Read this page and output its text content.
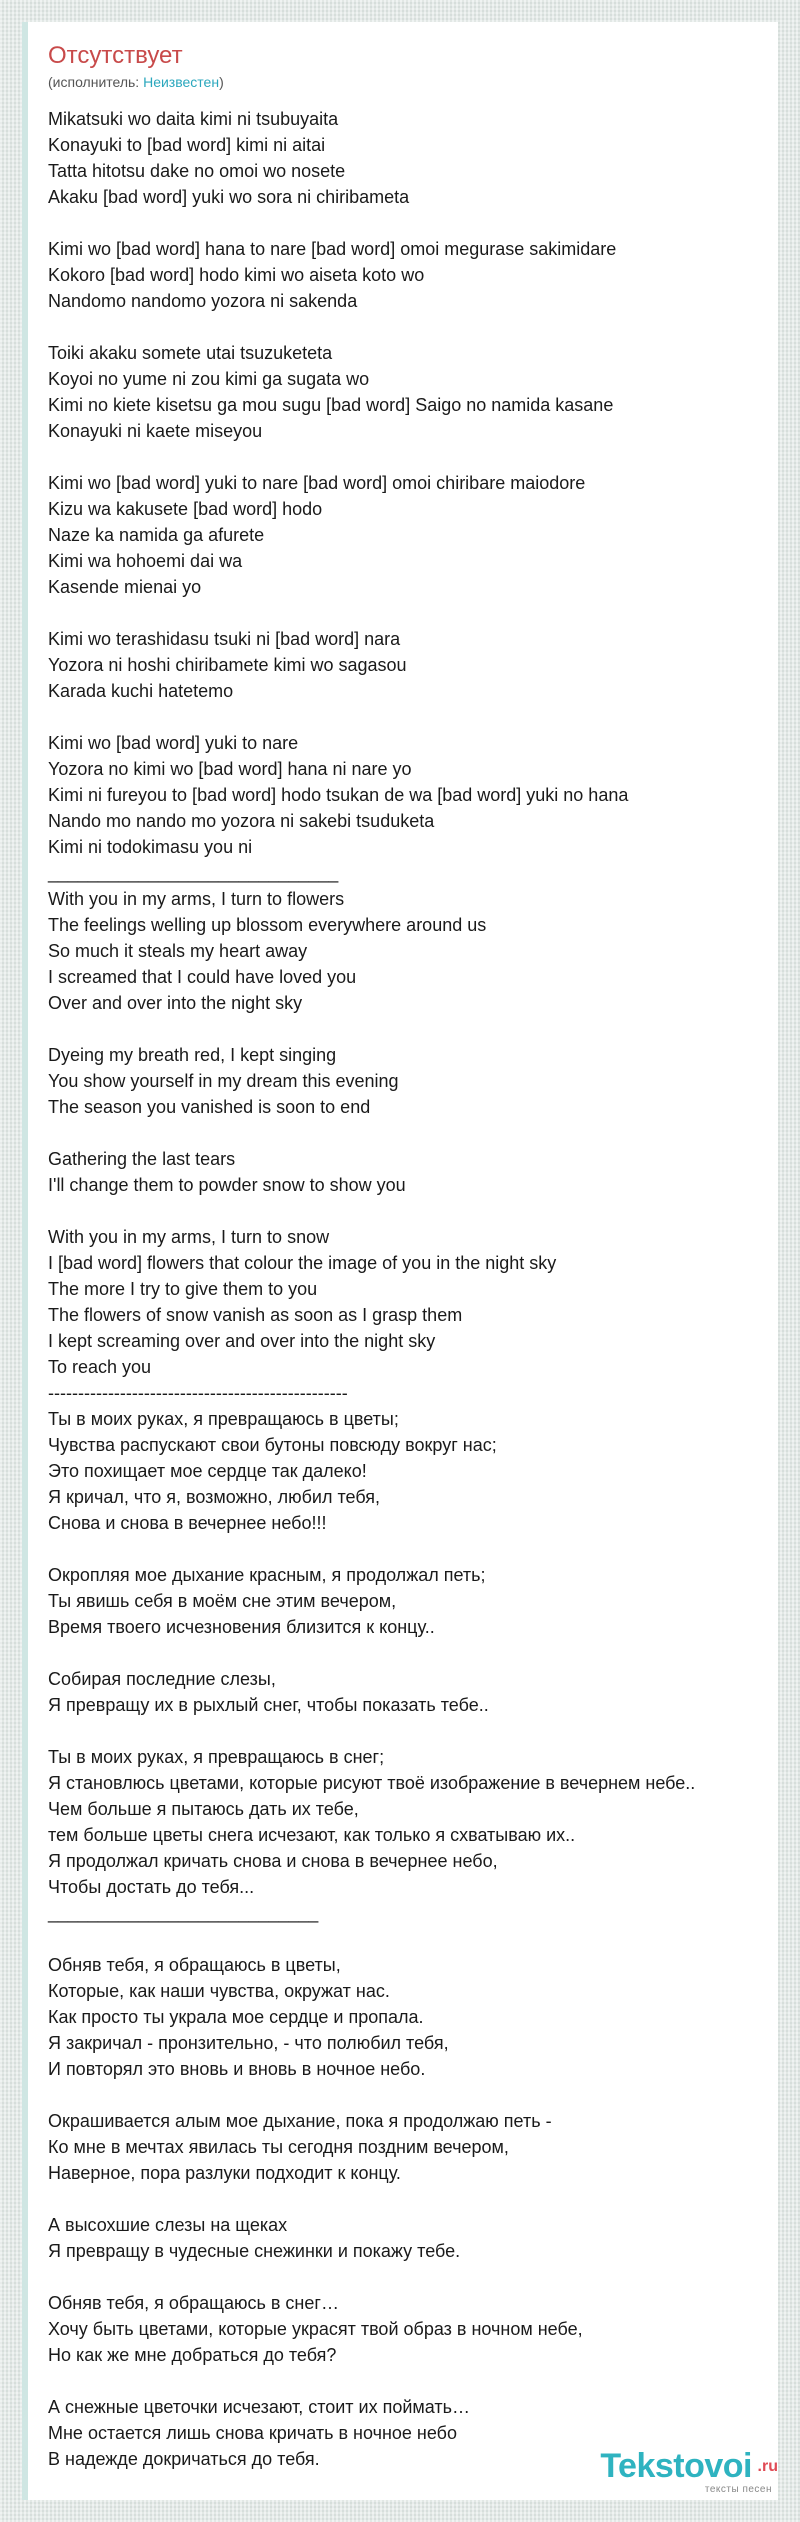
Отсутствует
(исполнитель: Неизвестен)
Mikatsuki wo daita kimi ni tsubuyaita
Konayuki to [bad word] kimi ni aitai
Tatta hitotsu dake no omoi wo nosete
Akaku [bad word] yuki wo sora ni chiribameta
Kimi wo [bad word] hana to nare [bad word] omoi megurase sakimidare
Kokoro [bad word] hodo kimi wo aiseta koto wo
Nandomo nandomo yozora ni sakenda
Toiki akaku somete utai tsuzuketeta
Koyoi no yume ni zou kimi ga sugata wo
Kimi no kiete kisetsu ga mou sugu [bad word] Saigo no namida kasane
Konayuki ni kaete miseyou
Kimi wo [bad word] yuki to nare [bad word] omoi chiribare maiodore
Kizu wa kakusete [bad word] hodo
Naze ka namida ga afurete
Kimi wa hohoemi dai wa
Kasende mienai yo
Kimi wo terashidasu tsuki ni [bad word] nara
Yozora ni hoshi chiribamete kimi wo sagasou
Karada kuchi hatetemo
Kimi wo [bad word] yuki to nare
Yozora no kimi wo [bad word] hana ni nare yo
Kimi ni fureyou to [bad word] hodo tsukan de wa [bad word] yuki no hana
Nando mo nando mo yozora ni sakebi tsuduketa
Kimi ni todokimasu you ni
_____________________________
With you in my arms, I turn to flowers
The feelings welling up blossom everywhere around us
So much it steals my heart away
I screamed that I could have loved you
Over and over into the night sky
Dyeing my breath red, I kept singing
You show yourself in my dream this evening
The season you vanished is soon to end
Gathering the last tears
I'll change them to powder snow to show you
With you in my arms, I turn to snow
I [bad word] flowers that colour the image of you in the night sky
The more I try to give them to you
The flowers of snow vanish as soon as I grasp them
I kept screaming over and over into the night sky
To reach you
--------------------------------------------------
Ты в моих руках, я превращаюсь в цветы;
Чувства распускают свои бутоны повсюду вокруг нас;
Это похищает мое сердце так далеко!
Я кричал, что я, возможно, любил тебя,
Снова и снова в вечернее небо!!!
Окропляя мое дыхание красным, я продолжал петь;
Ты явишь себя в моём сне этим вечером,
Время твоего исчезновения близится к концу..
Собирая последние слезы,
Я превращу их в рыхлый снег, чтобы показать тебе..
Ты в моих руках, я превращаюсь в снег;
Я становлюсь цветами, которые рисуют твоё изображение в вечернем небе..
Чем больше я пытаюсь дать их тебе,
тем больше цветы снега исчезают, как только я схватываю их..
Я продолжал кричать снова и снова в вечернее небо,
Чтобы достать до тебя...
___________________________
Обняв тебя, я обращаюсь в цветы,
Которые, как наши чувства, окружат нас.
Как просто ты украла мое сердце и пропала.
Я закричал - пронзительно, - что полюбил тебя,
И повторял это вновь и вновь в ночное небо.
Окрашивается алым мое дыхание, пока я продолжаю петь -
Ко мне в мечтах явилась ты сегодня поздним вечером,
Наверное, пора разлуки подходит к концу.
А высохшие слезы на щеках
Я превращу в чудесные снежинки и покажу тебе.
Обняв тебя, я обращаюсь в снег…
Хочу быть цветами, которые украсят твой образ в ночном небе,
Но как же мне добраться до тебя?
А снежные цветочки исчезают, стоит их поймать…
Мне остается лишь снова кричать в ночное небо
В надежде докричаться до тебя.	Tekstovoi .ru
тексты песен
